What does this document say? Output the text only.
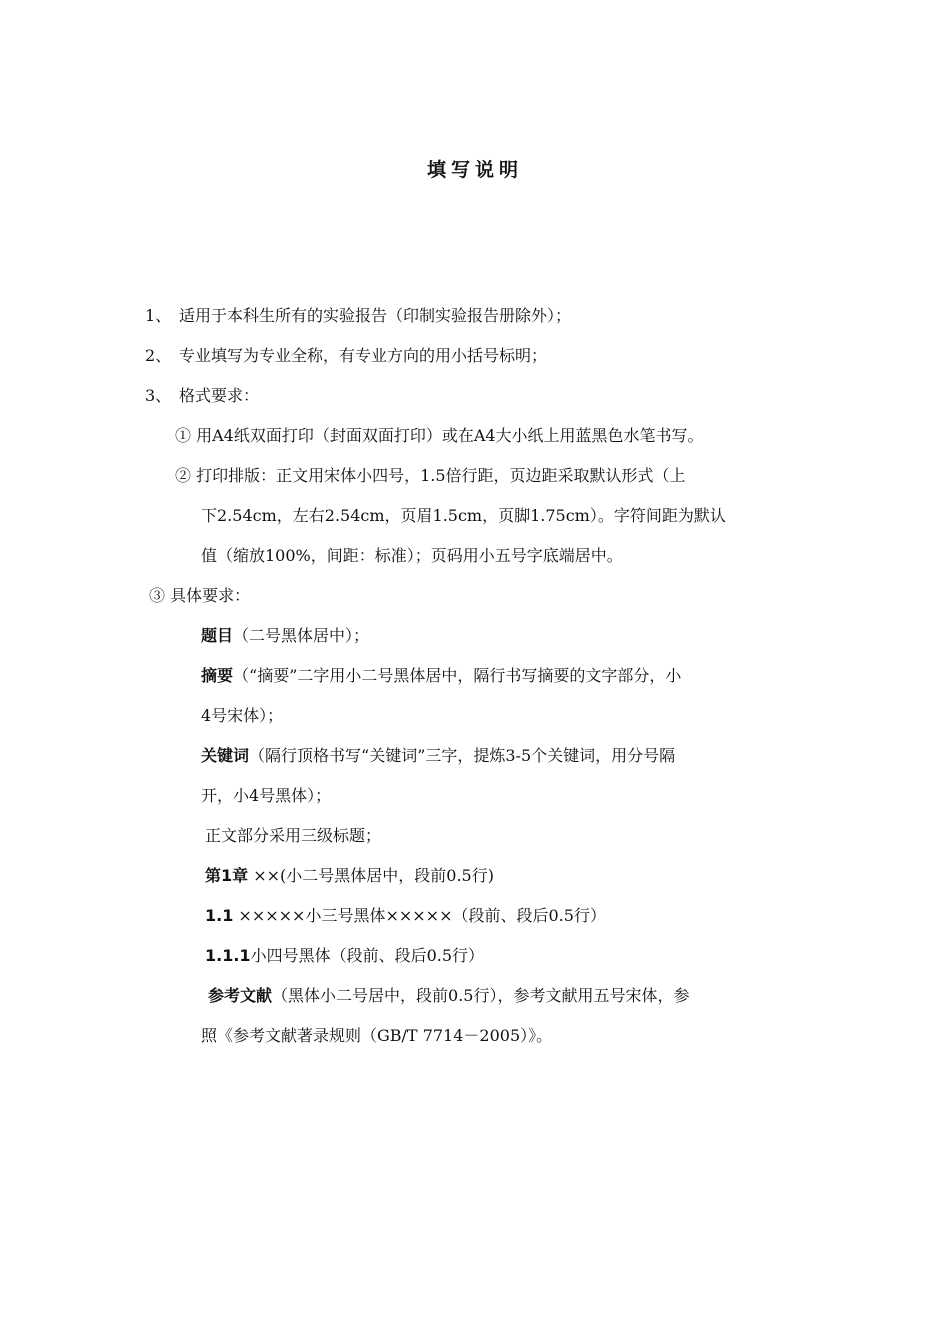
填写说明
1、 适用于本科生所有的实验报告（印制实验报告册除外）；
2、 专业填写为专业全称，有专业方向的用小括号标明；
3、 格式要求：
① 用A4纸双面打印（封面双面打印）或在A4大小纸上用蓝黑色水笔书写。
② 打印排版：正文用宋体小四号，1.5倍行距，页边距采取默认形式（上
下2.54cm，左右2.54cm，页眉1.5cm，页脚1.75cm）。字符间距为默认
值（缩放100%，间距：标准）；页码用小五号字底端居中。
③ 具体要求：
题目（二号黑体居中）；
摘要（“摘要”二字用小二号黑体居中，隔行书写摘要的文字部分，小
4号宋体）；
关键词（隔行顶格书写“关键词”三字，提炼3-5个关键词，用分号隔
开，小4号黑体）；
正文部分采用三级标题；
第1章 ××(小二号黑体居中，段前0.5行)
1.1 ×××××小三号黑体×××××（段前、段后0.5行）
1.1.1小四号黑体（段前、段后0.5行）
参考文献（黑体小二号居中，段前0.5行），参考文献用五号宋体，参
照《参考文献著录规则（GB/T 7714－2005）》。
